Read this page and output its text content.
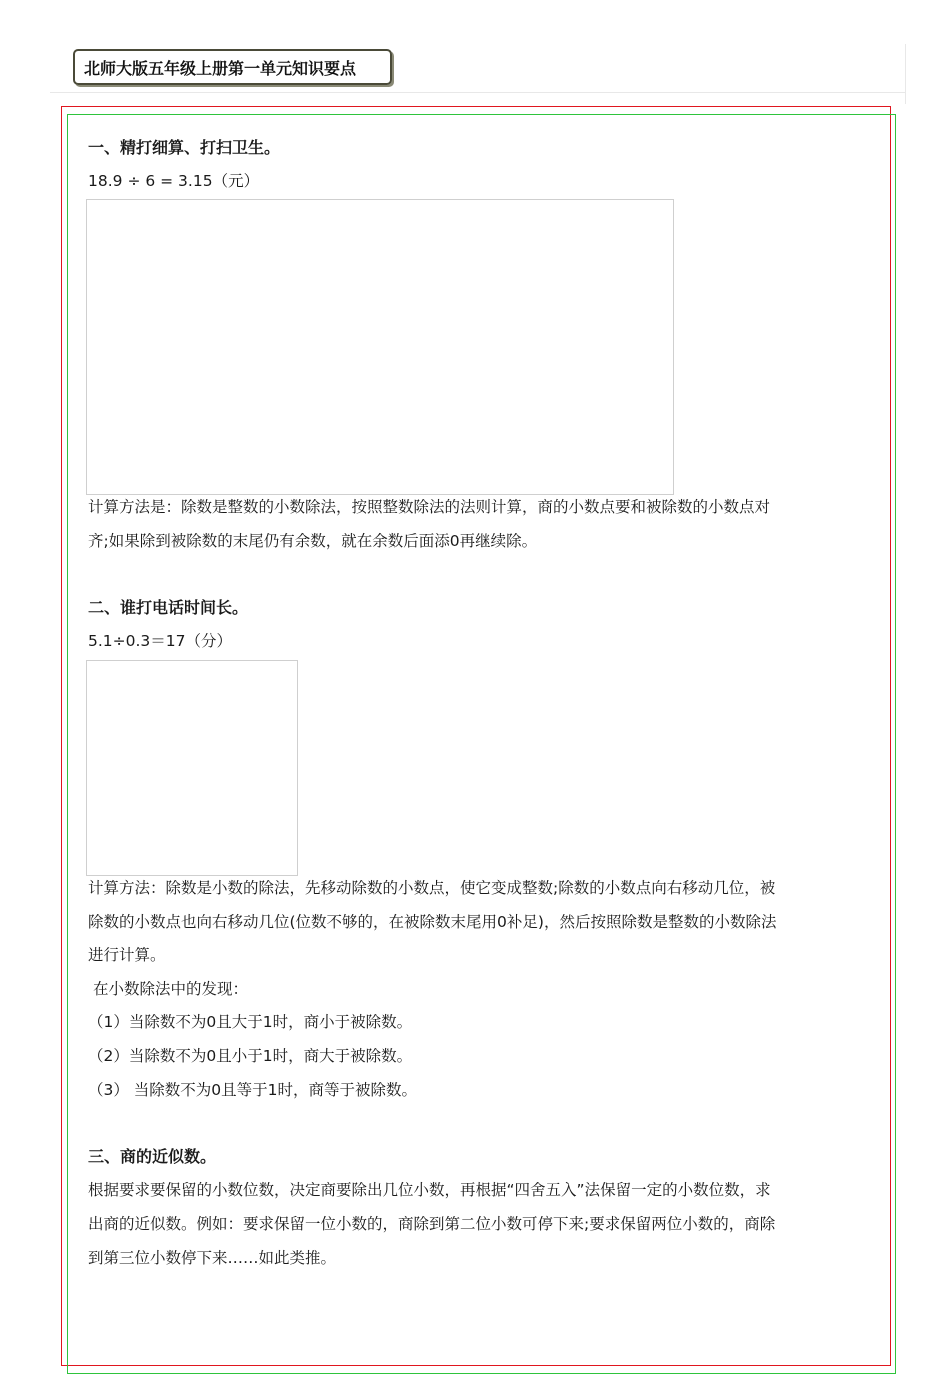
北师大版五年级上册第一单元知识要点
一、精打细算、打扫卫生。
18.9 ÷ 6 = 3.15（元）
计算方法是：除数是整数的小数除法，按照整数除法的法则计算，商的小数点要和被除数的小数点对
齐;如果除到被除数的末尾仍有余数，就在余数后面添0再继续除。
二、谁打电话时间长。
5.1÷0.3＝17（分）
计算方法：除数是小数的除法，先移动除数的小数点，使它变成整数;除数的小数点向右移动几位，被
除数的小数点也向右移动几位(位数不够的，在被除数末尾用0补足)，然后按照除数是整数的小数除法
进行计算。
在小数除法中的发现：
（1）当除数不为0且大于1时，商小于被除数。
（2）当除数不为0且小于1时，商大于被除数。
（3） 当除数不为0且等于1时，商等于被除数。
三、商的近似数。
根据要求要保留的小数位数，决定商要除出几位小数，再根据“四舍五入”法保留一定的小数位数，求
出商的近似数。例如：要求保留一位小数的，商除到第二位小数可停下来;要求保留两位小数的，商除
到第三位小数停下来……如此类推。
